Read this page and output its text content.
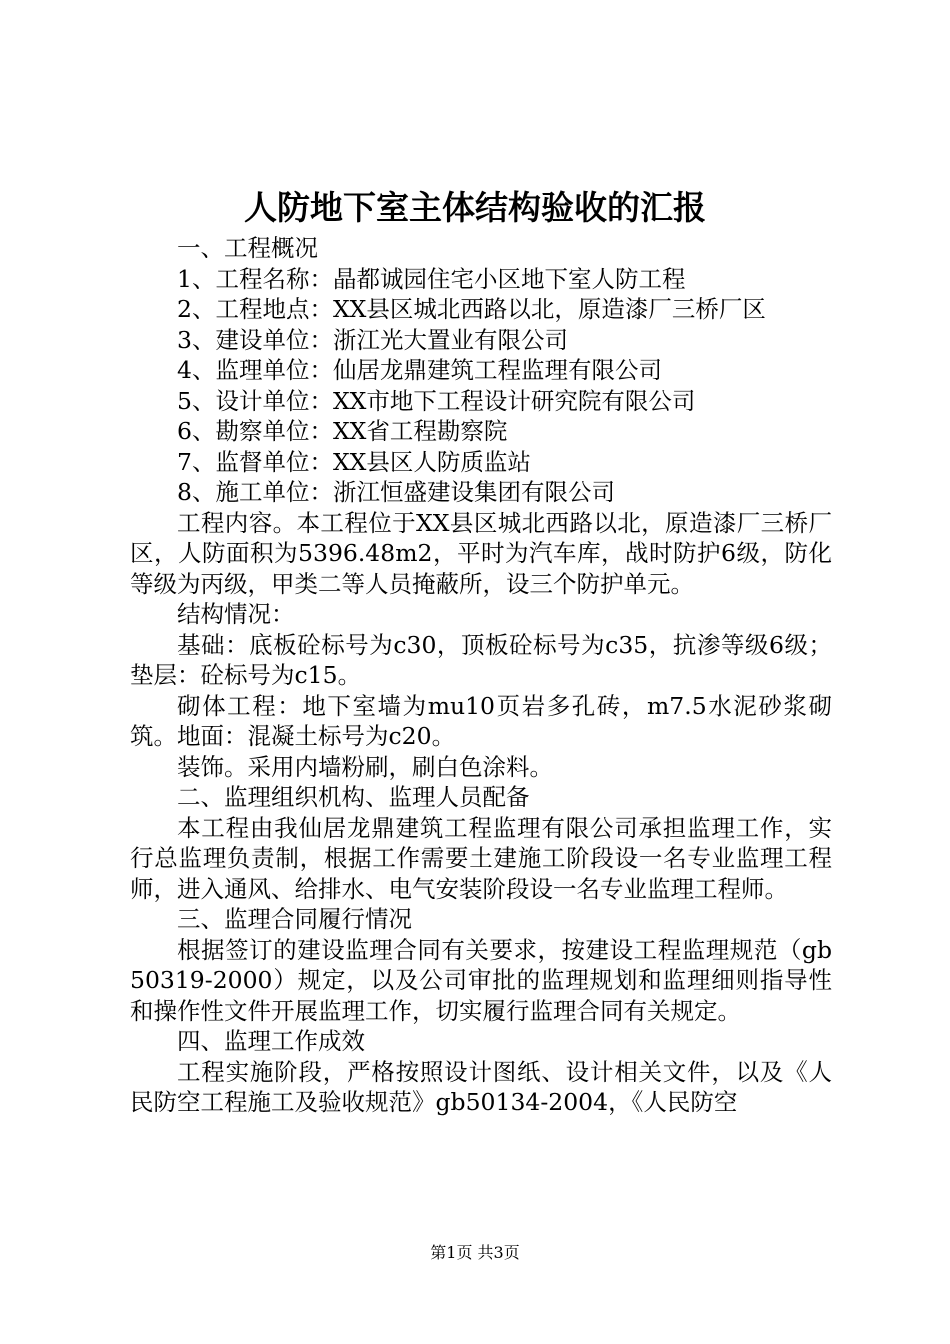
人防地下室主体结构验收的汇报

一、工程概况

1、工程名称：晶都诚园住宅小区地下室人防工程

2、工程地点：XX县区城北西路以北，原造漆厂三桥厂区

3、建设单位：浙江光大置业有限公司

4、监理单位：仙居龙鼎建筑工程监理有限公司

5、设计单位：XX市地下工程设计研究院有限公司

6、勘察单位：XX省工程勘察院

7、监督单位：XX县区人防质监站

8、施工单位：浙江恒盛建设集团有限公司

工程内容。本工程位于XX县区城北西路以北，原造漆厂三桥厂区，人防面积为5396.48m2，平时为汽车库，战时防护6级，防化等级为丙级，甲类二等人员掩蔽所，设三个防护单元。

结构情况：

基础：底板砼标号为c30，顶板砼标号为c35，抗渗等级6级；垫层：砼标号为c15。

砌体工程：地下室墙为mu10页岩多孔砖，m7.5水泥砂浆砌筑。地面：混凝土标号为c20。

装饰。采用内墙粉刷，刷白色涂料。

二、监理组织机构、监理人员配备

本工程由我仙居龙鼎建筑工程监理有限公司承担监理工作，实行总监理负责制，根据工作需要土建施工阶段设一名专业监理工程师，进入通风、给排水、电气安装阶段设一名专业监理工程师。

三、监理合同履行情况

根据签订的建设监理合同有关要求，按建设工程监理规范（gb50319-2000）规定，以及公司审批的监理规划和监理细则指导性和操作性文件开展监理工作，切实履行监理合同有关规定。

四、监理工作成效

工程实施阶段，严格按照设计图纸、设计相关文件，以及《人民防空工程施工及验收规范》gb50134-2004，《人民防空

第1页 共3页
